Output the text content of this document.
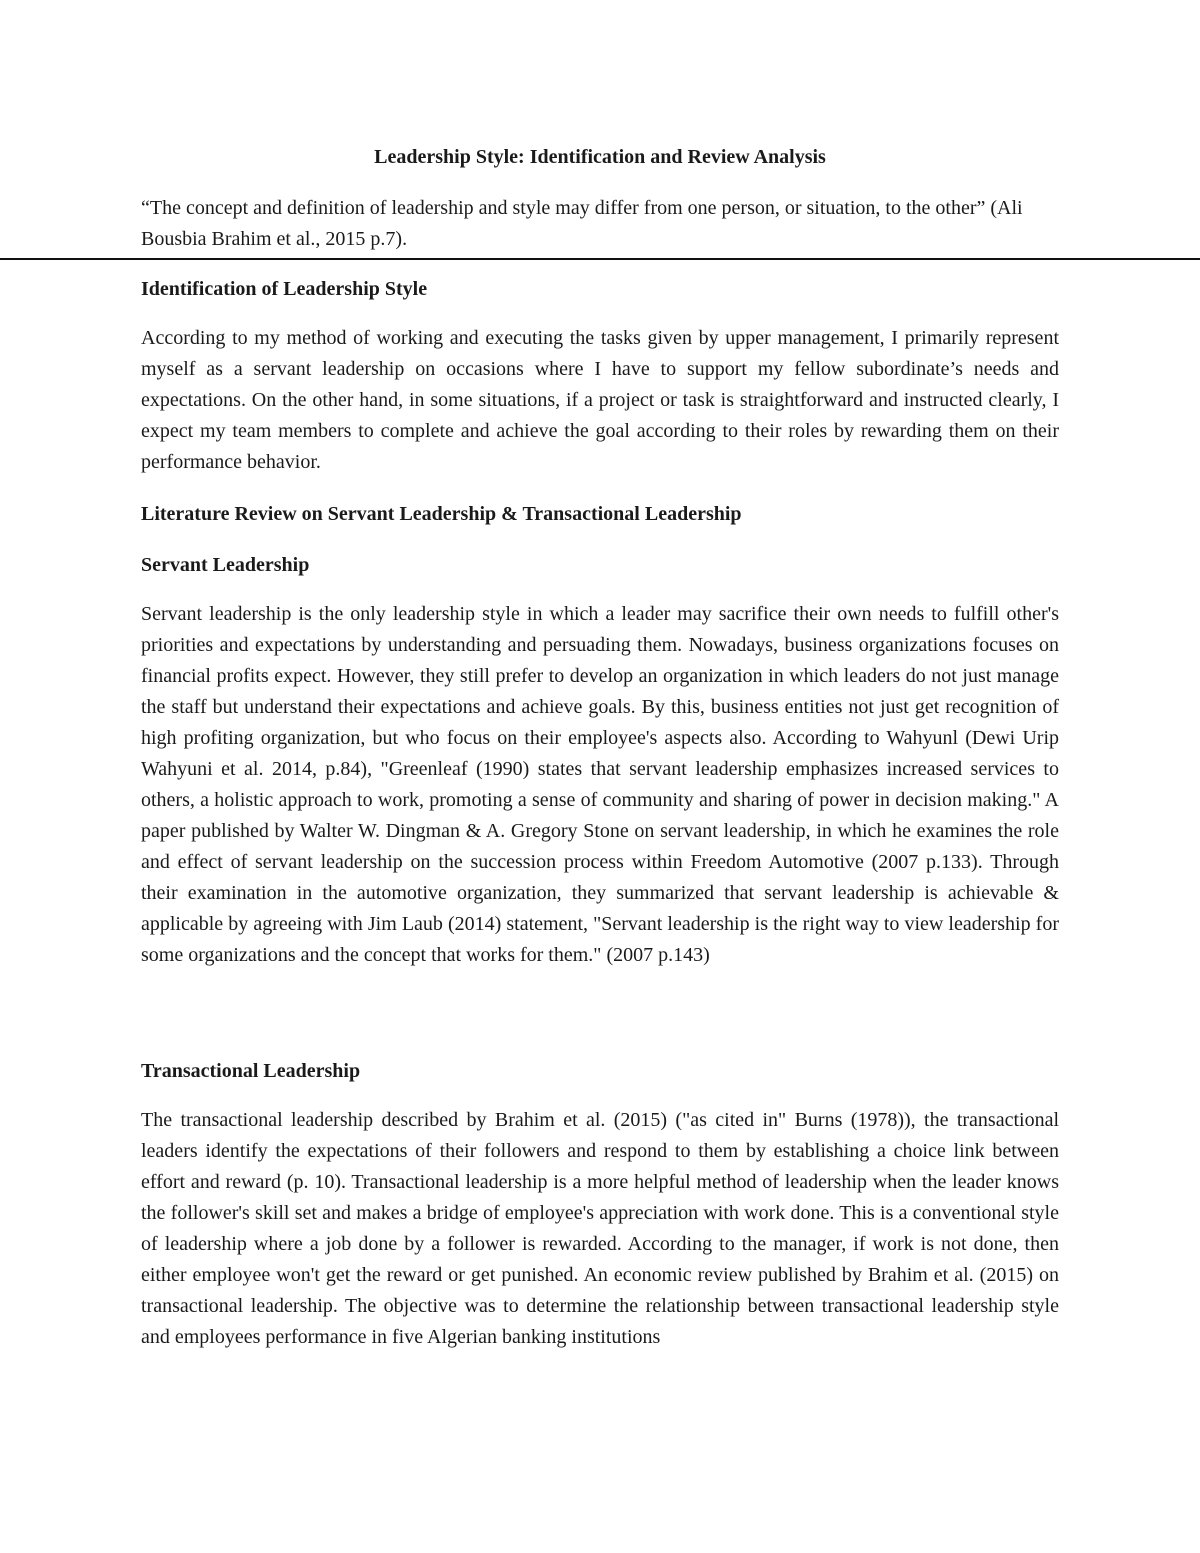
Leadership Style: Identification and Review Analysis
“The concept and definition of leadership and style may differ from one person, or situation, to the other” (Ali Bousbia Brahim et al., 2015 p.7).
Identification of Leadership Style
According to my method of working and executing the tasks given by upper management, I primarily represent myself as a servant leadership on occasions where I have to support my fellow subordinate’s needs and expectations. On the other hand, in some situations, if a project or task is straightforward and instructed clearly, I expect my team members to complete and achieve the goal according to their roles by rewarding them on their performance behavior.
Literature Review on Servant Leadership & Transactional Leadership
Servant Leadership
Servant leadership is the only leadership style in which a leader may sacrifice their own needs to fulfill other's priorities and expectations by understanding and persuading them. Nowadays, business organizations focuses on financial profits expect. However, they still prefer to develop an organization in which leaders do not just manage the staff but understand their expectations and achieve goals. By this, business entities not just get recognition of high profiting organization, but who focus on their employee's aspects also. According to Wahyunl (Dewi Urip Wahyuni et al. 2014, p.84), "Greenleaf (1990) states that servant leadership emphasizes increased services to others, a holistic approach to work, promoting a sense of community and sharing of power in decision making." A paper published by Walter W. Dingman & A. Gregory Stone on servant leadership, in which he examines the role and effect of servant leadership on the succession process within Freedom Automotive (2007 p.133). Through their examination in the automotive organization, they summarized that servant leadership is achievable & applicable by agreeing with Jim Laub (2014) statement, "Servant leadership is the right way to view leadership for some organizations and the concept that works for them." (2007 p.143)
Transactional Leadership
The transactional leadership described by Brahim et al. (2015) ("as cited in" Burns (1978)), the transactional leaders identify the expectations of their followers and respond to them by establishing a choice link between effort and reward (p. 10). Transactional leadership is a more helpful method of leadership when the leader knows the follower's skill set and makes a bridge of employee's appreciation with work done. This is a conventional style of leadership where a job done by a follower is rewarded. According to the manager, if work is not done, then either employee won't get the reward or get punished. An economic review published by Brahim et al. (2015) on transactional leadership. The objective was to determine the relationship between transactional leadership style and employees performance in five Algerian banking institutions
